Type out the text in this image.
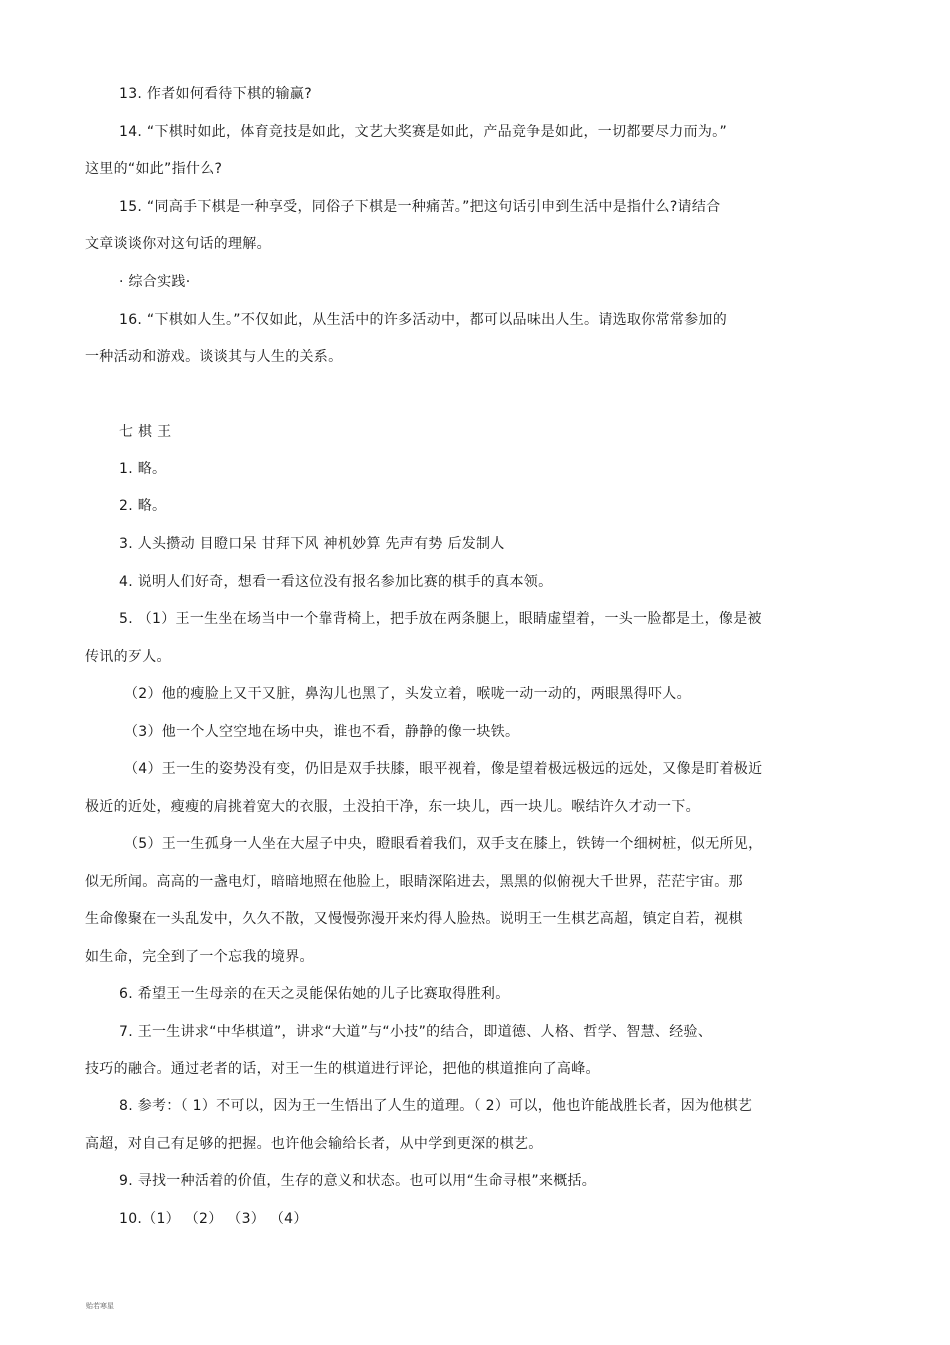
13. 作者如何看待下棋的输赢?
14. “下棋时如此，体育竞技是如此，文艺大奖赛是如此，产品竞争是如此，一切都要尽力而为。”
这里的“如此”指什么?
15. “同高手下棋是一种享受，同俗子下棋是一种痛苦。”把这句话引申到生活中是指什么?请结合
文章谈谈你对这句话的理解。
· 综合实践·
16. “下棋如人生。”不仅如此，从生活中的许多活动中，都可以品味出人生。请选取你常常参加的
一种活动和游戏。谈谈其与人生的关系。
七 棋 王
1. 略。
2. 略。
3. 人头攒动 目瞪口呆 甘拜下风 神机妙算 先声有势 后发制人
4. 说明人们好奇，想看一看这位没有报名参加比赛的棋手的真本领。
5. （1）王一生坐在场当中一个靠背椅上，把手放在两条腿上，眼睛虚望着，一头一脸都是土，像是被
传讯的歹人。
（2）他的瘦脸上又干又脏，鼻沟儿也黑了，头发立着，喉咙一动一动的，两眼黑得吓人。
（3）他一个人空空地在场中央，谁也不看，静静的像一块铁。
（4）王一生的姿势没有变，仍旧是双手扶膝，眼平视着，像是望着极远极远的远处，又像是盯着极近
极近的近处，瘦瘦的肩挑着宽大的衣服，土没拍干净，东一块儿，西一块儿。喉结许久才动一下。
（5）王一生孤身一人坐在大屋子中央，瞪眼看着我们，双手支在膝上，铁铸一个细树桩，似无所见，
似无所闻。高高的一盏电灯，暗暗地照在他脸上，眼睛深陷进去，黑黑的似俯视大千世界，茫茫宇宙。那
生命像聚在一头乱发中，久久不散，又慢慢弥漫开来灼得人脸热。说明王一生棋艺高超，镇定自若，视棋
如生命，完全到了一个忘我的境界。
6. 希望王一生母亲的在天之灵能保佑她的儿子比赛取得胜利。
7. 王一生讲求“中华棋道”，讲求“大道”与“小技”的结合，即道德、人格、哲学、智慧、经验、
技巧的融合。通过老者的话，对王一生的棋道进行评论，把他的棋道推向了高峰。
8. 参考：（ 1）不可以，因为王一生悟出了人生的道理。（ 2）可以，他也许能战胜长者，因为他棋艺
高超，对自己有足够的把握。也许他会输给长者，从中学到更深的棋艺。
9. 寻找一种活着的价值，生存的意义和状态。也可以用“生命寻根”来概括。
10.（1） （2） （3） （4）
贻若寒星
